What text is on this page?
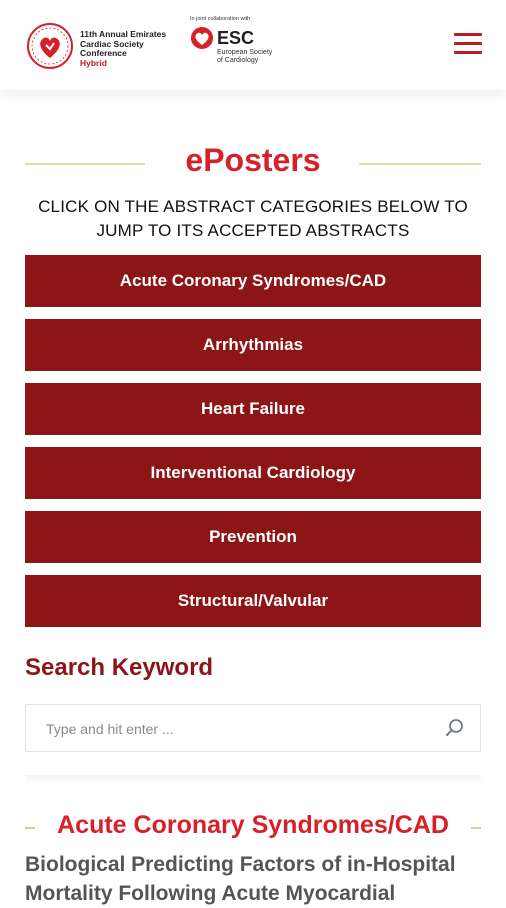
11th Annual Emirates
Cardiac Society
Conference
Hybrid
In joint collaboration with
ESC
European Society
of Cardiology
ePosters
CLICK ON THE ABSTRACT CATEGORIES BELOW TO JUMP TO ITS ACCEPTED ABSTRACTS
Acute Coronary Syndromes/CAD
Arrhythmias
Heart Failure
Interventional Cardiology
Prevention
Structural/Valvular
Search Keyword
Type and hit enter ...
Acute Coronary Syndromes/CAD
Biological Predicting Factors of in-Hospital Mortality Following Acute Myocardial
